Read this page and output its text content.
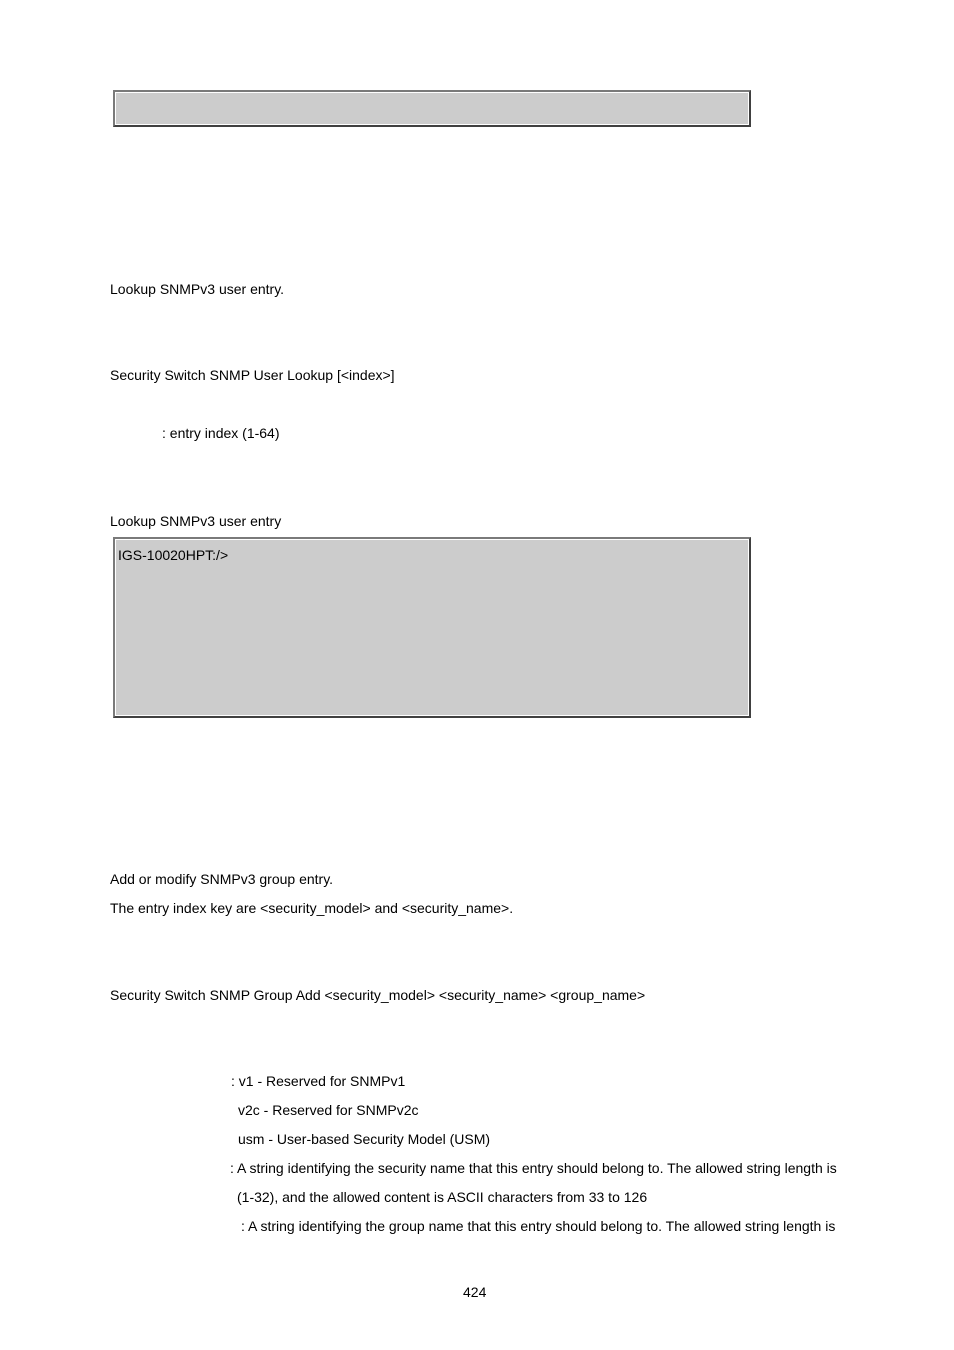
Lookup SNMPv3 user entry.
Security Switch SNMP User Lookup [<index>]
: entry index (1-64)
Lookup SNMPv3 user entry
IGS-10020HPT:/>
Add or modify SNMPv3 group entry.
The entry index key are <security_model> and <security_name>.
Security Switch SNMP Group Add <security_model> <security_name> <group_name>
: v1 - Reserved for SNMPv1
v2c - Reserved for SNMPv2c
usm - User-based Security Model (USM)
: A string identifying the security name that this entry should belong to. The allowed string length is
(1-32), and the allowed content is ASCII characters from 33 to 126
: A string identifying the group name that this entry should belong to. The allowed string length is
424
